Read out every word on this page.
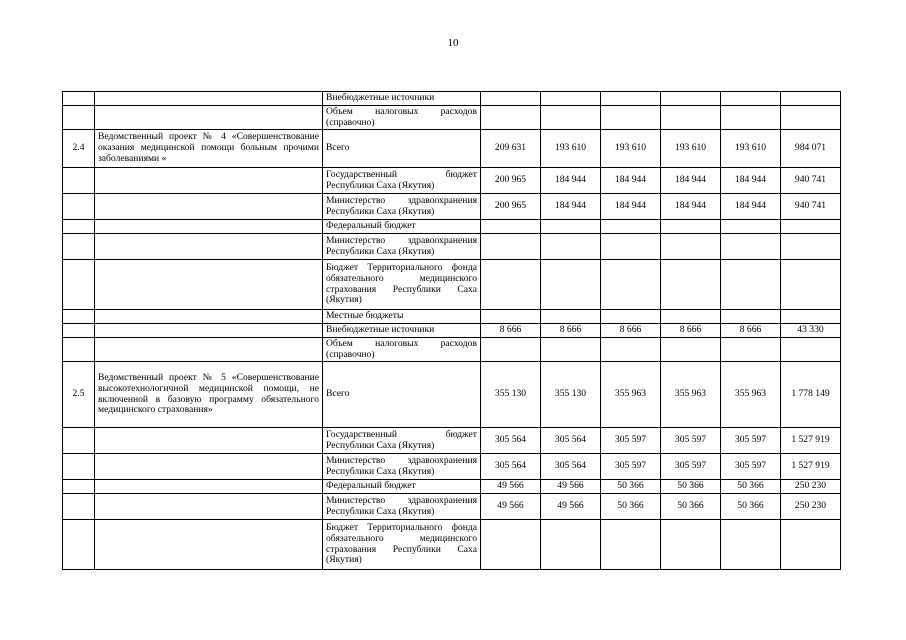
10
		Внебюджетные источники						
		Объем налоговых расходов (справочно)						
2.4	Ведомственный проект № 4 «Совершенствование оказания медицинской помощи больным прочими заболеваниями «	Всего	209 631	193 610	193 610	193 610	193 610	984 071
		Государственный бюджет Республики Саха (Якутия)	200 965	184 944	184 944	184 944	184 944	940 741
		Министерство здравоохранения Республики Саха (Якутия)	200 965	184 944	184 944	184 944	184 944	940 741
		Федеральный бюджет						
		Министерство здравоохранения Республики Саха (Якутия)						
		Бюджет Территориального фонда обязательного медицинского страхования Республики Саха (Якутия)						
		Местные бюджеты						
		Внебюджетные источники	8 666	8 666	8 666	8 666	8 666	43 330
		Объем налоговых расходов (справочно)						
2.5	Ведомственный проект № 5 «Совершенствование высокотехнологичной медицинской помощи, не включенной в базовую программу обязательного медицинского страхования»	Всего	355 130	355 130	355 963	355 963	355 963	1 778 149
		Государственный бюджет Республики Саха (Якутия)	305 564	305 564	305 597	305 597	305 597	1 527 919
		Министерство здравоохранения Республики Саха (Якутия)	305 564	305 564	305 597	305 597	305 597	1 527 919
		Федеральный бюджет	49 566	49 566	50 366	50 366	50 366	250 230
		Министерство здравоохранения Республики Саха (Якутия)	49 566	49 566	50 366	50 366	50 366	250 230
		Бюджет Территориального фонда обязательного медицинского страхования Республики Саха (Якутия)						
